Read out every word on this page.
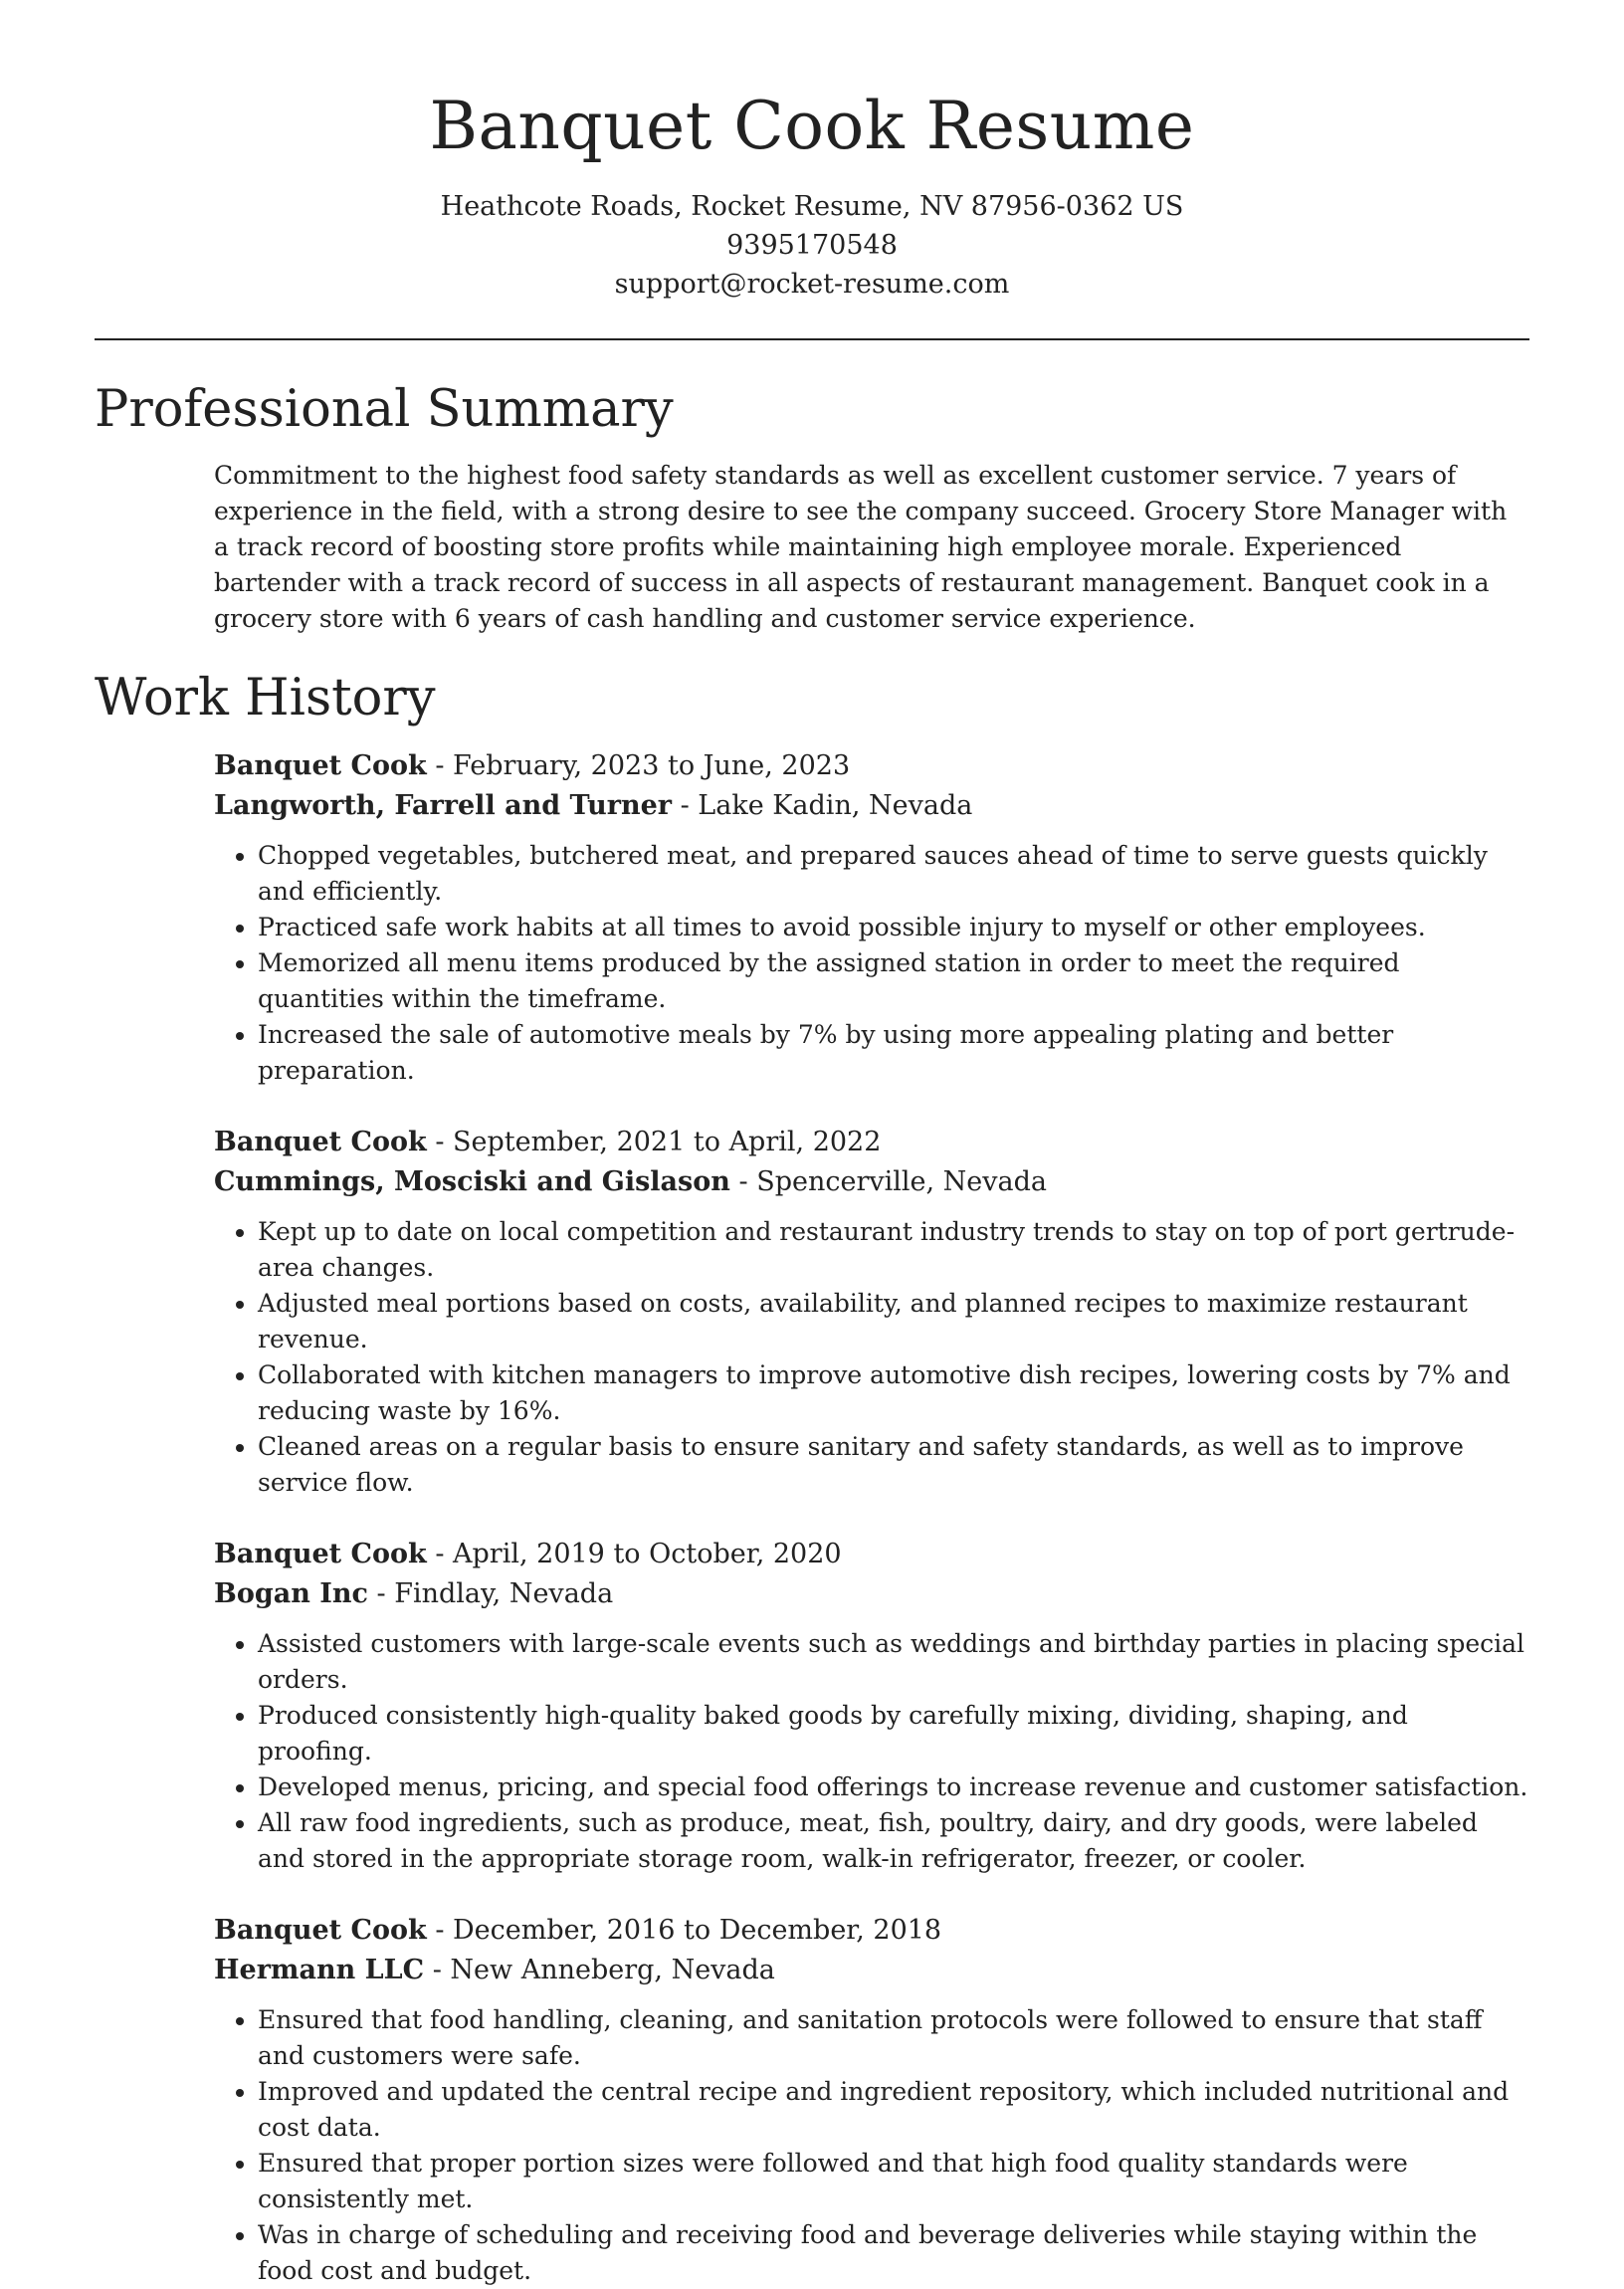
Banquet Cook Resume
Heathcote Roads, Rocket Resume, NV 87956-0362 US
9395170548
support@rocket-resume.com
Professional Summary

Commitment to the highest food safety standards as well as excellent customer service. 7 years of experience in the field, with a strong desire to see the company succeed. Grocery Store Manager with a track record of boosting store profits while maintaining high employee morale. Experienced bartender with a track record of success in all aspects of restaurant management. Banquet cook in a grocery store with 6 years of cash handling and customer service experience.

Work History
Banquet Cook - February, 2023 to June, 2023
Langworth, Farrell and Turner - Lake Kadin, Nevada
• Chopped vegetables, butchered meat, and prepared sauces ahead of time to serve guests quickly and efficiently.
• Practiced safe work habits at all times to avoid possible injury to myself or other employees.
• Memorized all menu items produced by the assigned station in order to meet the required quantities within the timeframe.
• Increased the sale of automotive meals by 7% by using more appealing plating and better preparation.
Banquet Cook - September, 2021 to April, 2022
Cummings, Mosciski and Gislason - Spencerville, Nevada
• Kept up to date on local competition and restaurant industry trends to stay on top of port gertrude-area changes.
• Adjusted meal portions based on costs, availability, and planned recipes to maximize restaurant revenue.
• Collaborated with kitchen managers to improve automotive dish recipes, lowering costs by 7% and reducing waste by 16%.
• Cleaned areas on a regular basis to ensure sanitary and safety standards, as well as to improve service flow.
Banquet Cook - April, 2019 to October, 2020
Bogan Inc - Findlay, Nevada
• Assisted customers with large-scale events such as weddings and birthday parties in placing special orders.
• Produced consistently high-quality baked goods by carefully mixing, dividing, shaping, and proofing.
• Developed menus, pricing, and special food offerings to increase revenue and customer satisfaction.
• All raw food ingredients, such as produce, meat, fish, poultry, dairy, and dry goods, were labeled and stored in the appropriate storage room, walk-in refrigerator, freezer, or cooler.
Banquet Cook - December, 2016 to December, 2018
Hermann LLC - New Anneberg, Nevada
• Ensured that food handling, cleaning, and sanitation protocols were followed to ensure that staff and customers were safe.
• Improved and updated the central recipe and ingredient repository, which included nutritional and cost data.
• Ensured that proper portion sizes were followed and that high food quality standards were consistently met.
• Was in charge of scheduling and receiving food and beverage deliveries while staying within the food cost and budget.
